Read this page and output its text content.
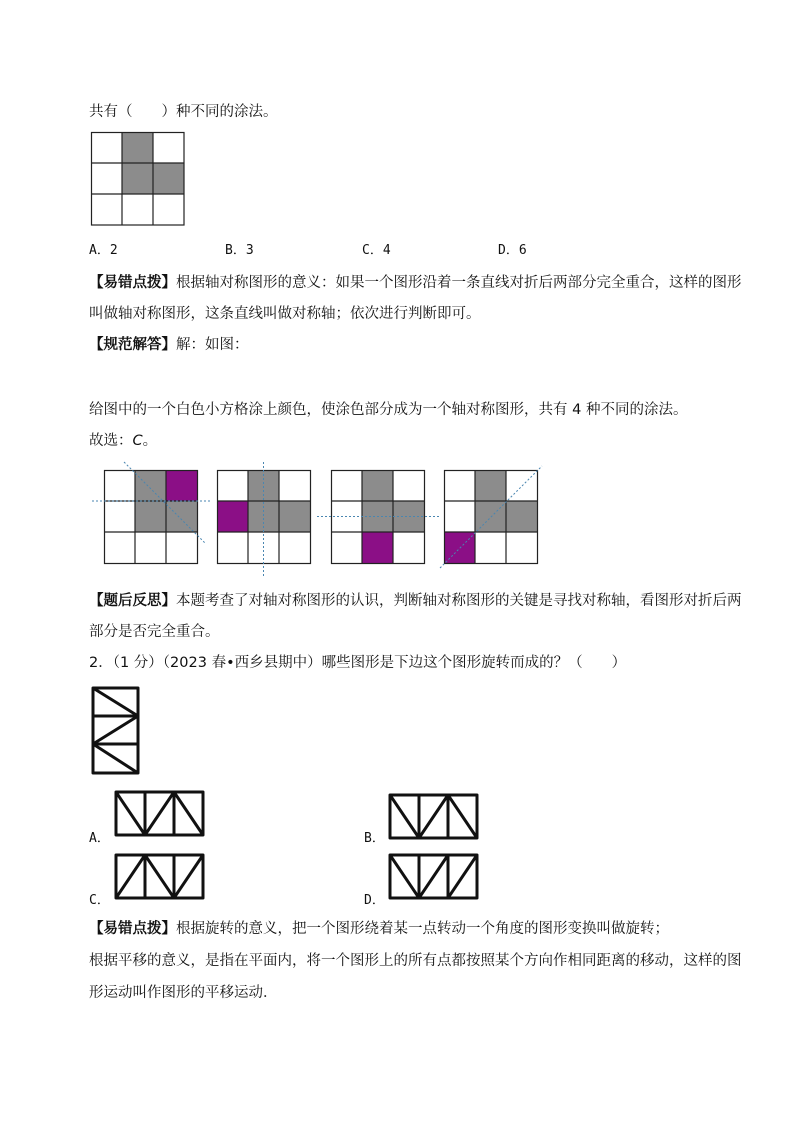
共有（　　）种不同的涂法。
A．2	B．3	C．4	D．6
【易错点拨】根据轴对称图形的意义：如果一个图形沿着一条直线对折后两部分完全重合，这样的图形
叫做轴对称图形，这条直线叫做对称轴；依次进行判断即可。
【规范解答】解：如图：
给图中的一个白色小方格涂上颜色，使涂色部分成为一个轴对称图形，共有 4 种不同的涂法。
故选：C。
【题后反思】本题考查了对轴对称图形的认识，判断轴对称图形的关键是寻找对称轴，看图形对折后两
部分是否完全重合。
2．（1 分）（2023 春•西乡县期中）哪些图形是下边这个图形旋转而成的？（　　）
A．	B．
C．	D．
【易错点拨】根据旋转的意义，把一个图形绕着某一点转动一个角度的图形变换叫做旋转；
根据平移的意义，是指在平面内，将一个图形上的所有点都按照某个方向作相同距离的移动，这样的图
形运动叫作图形的平移运动．
